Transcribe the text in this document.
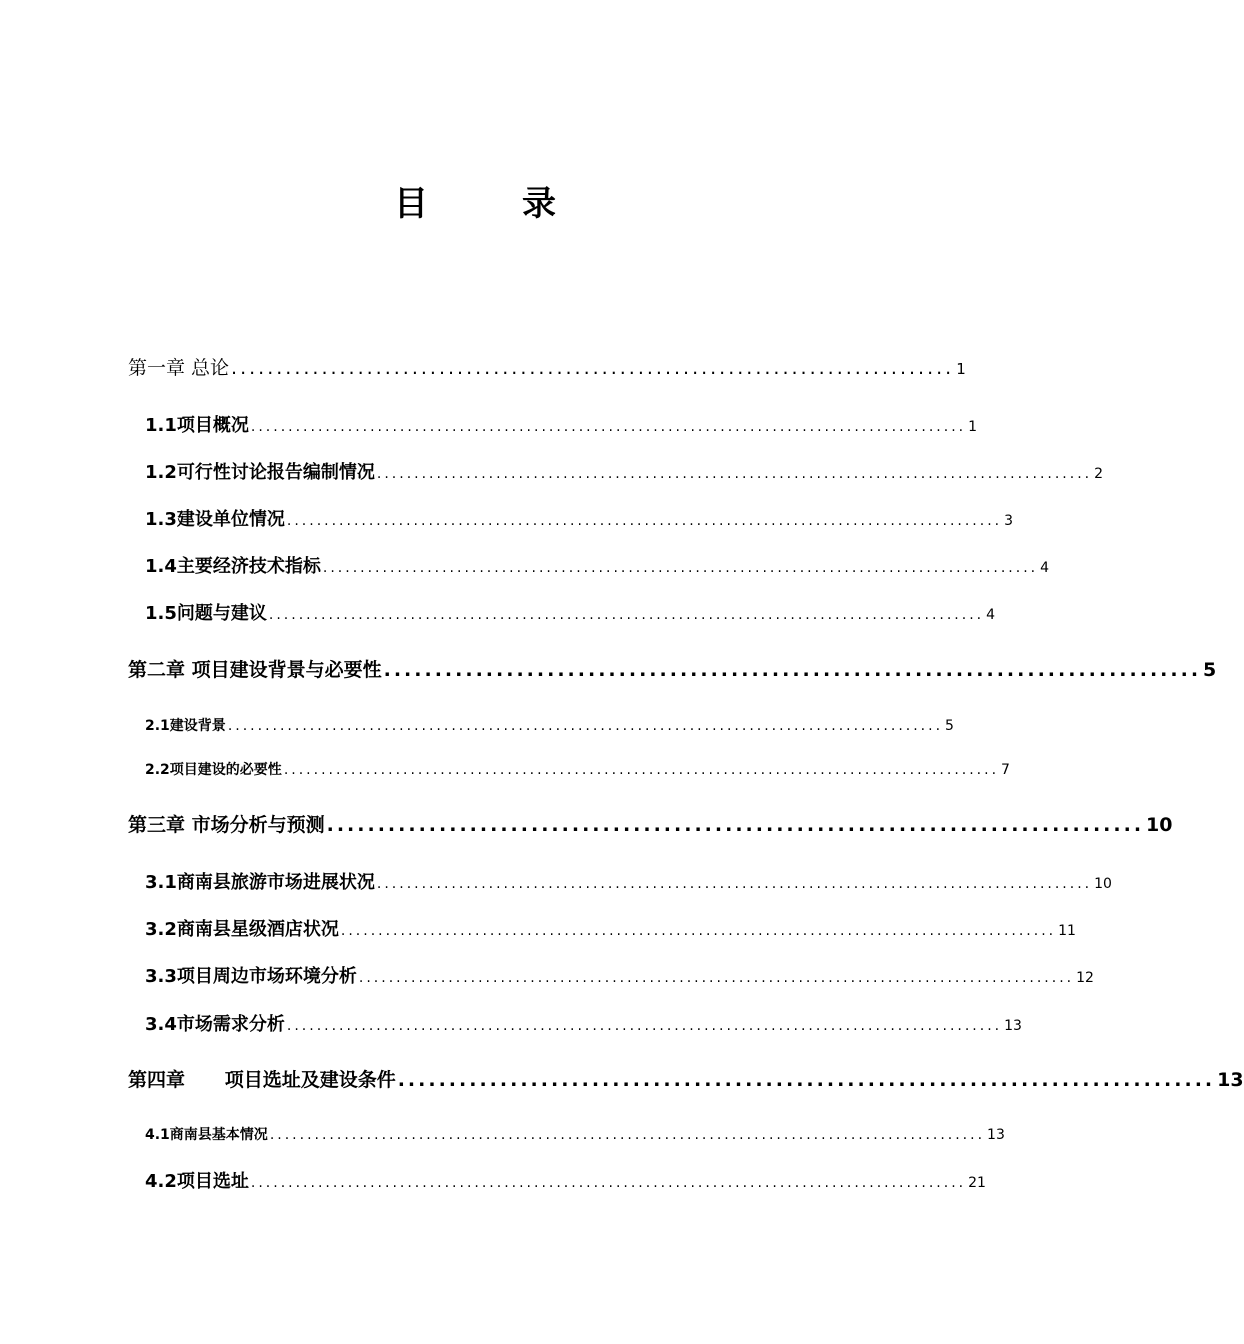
目　录
第一章 总论 ................................................................................ 1
1.1项目概况 ................................................................................................ 1
1.2可行性讨论报告编制情况 ................................................................................................ 2
1.3建设单位情况 ................................................................................................ 3
1.4主要经济技术指标 ................................................................................................ 4
1.5问题与建议 ................................................................................................ 4
第二章 项目建设背景与必要性 ................................................................................ 5
2.1建设背景 ................................................................................................ 5
2.2项目建设的必要性 ................................................................................................ 7
第三章 市场分析与预测 ................................................................................ 10
3.1商南县旅游市场进展状况 ................................................................................................ 10
3.2商南县星级酒店状况 ................................................................................................ 11
3.3项目周边市场环境分析 ................................................................................................ 12
3.4市场需求分析 ................................................................................................ 13
第四章      项目选址及建设条件 ................................................................................ 13
4.1商南县基本情况 ................................................................................................ 13
4.2项目选址 ................................................................................................ 21
